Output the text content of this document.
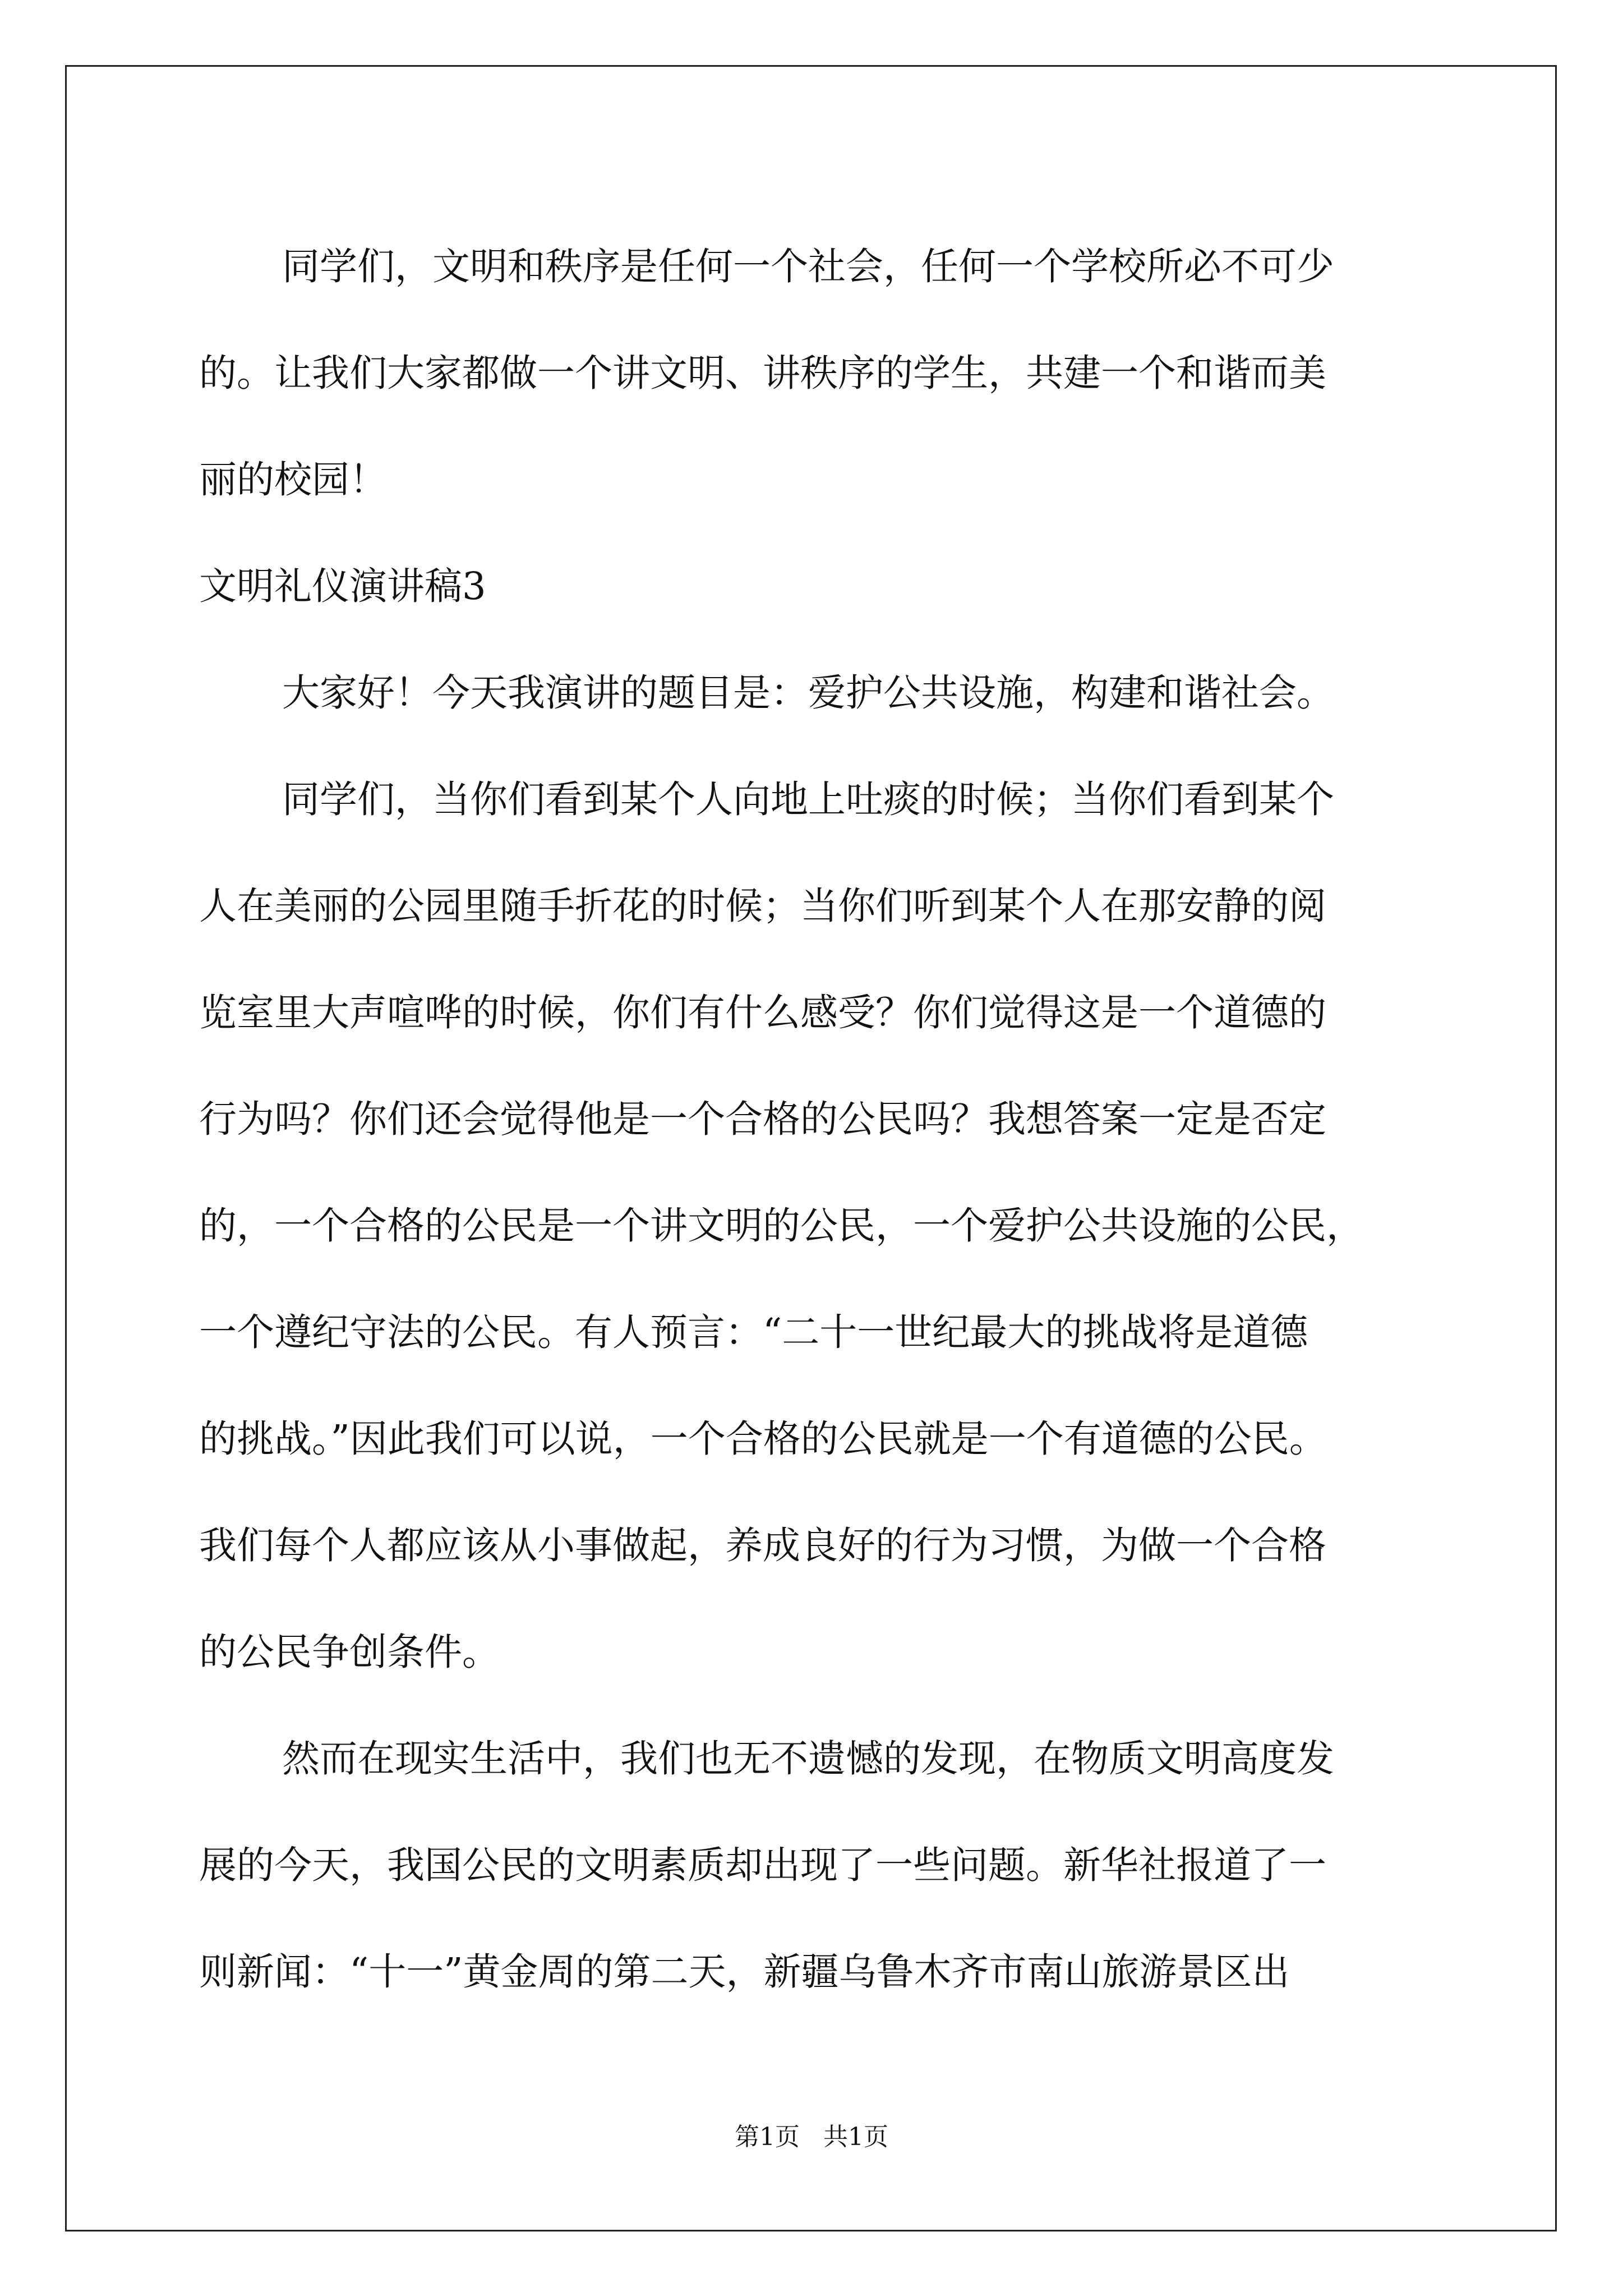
同学们，文明和秩序是任何一个社会，任何一个学校所必不可少
的。让我们大家都做一个讲文明、讲秩序的学生，共建一个和谐而美
丽的校园！
文明礼仪演讲稿3
大家好！今天我演讲的题目是：爱护公共设施，构建和谐社会。
同学们，当你们看到某个人向地上吐痰的时候；当你们看到某个
人在美丽的公园里随手折花的时候；当你们听到某个人在那安静的阅
览室里大声喧哗的时候，你们有什么感受？你们觉得这是一个道德的
行为吗？你们还会觉得他是一个合格的公民吗？我想答案一定是否定
的，一个合格的公民是一个讲文明的公民，一个爱护公共设施的公民，
一个遵纪守法的公民。有人预言：“二十一世纪最大的挑战将是道德
的挑战。”因此我们可以说，一个合格的公民就是一个有道德的公民。
我们每个人都应该从小事做起，养成良好的行为习惯，为做一个合格
的公民争创条件。
然而在现实生活中，我们也无不遗憾的发现，在物质文明高度发
展的今天，我国公民的文明素质却出现了一些问题。新华社报道了一
则新闻：“十一”黄金周的第二天，新疆乌鲁木齐市南山旅游景区出
第1页   共1页
